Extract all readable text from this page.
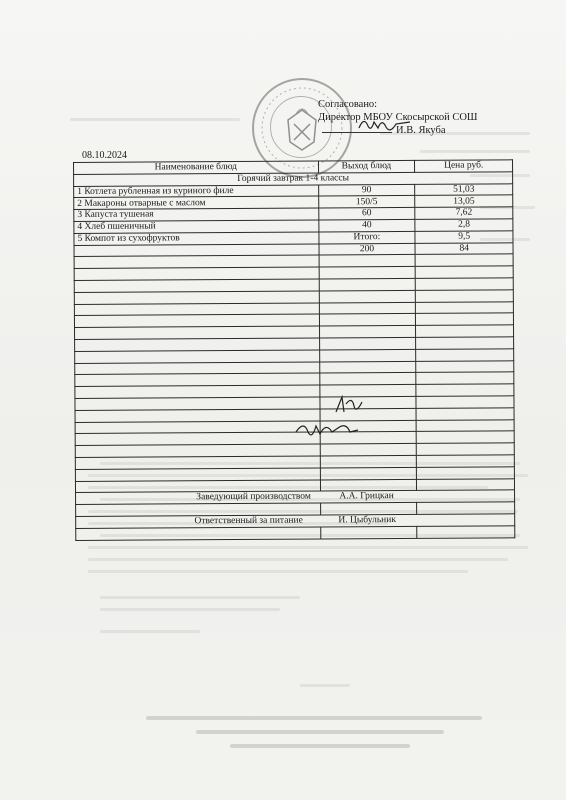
Согласовано:
Директор МБОУ Скосырской СОШ
И.В. Якуба
08.10.2024
Наименование блюд	Выход блюд	Цена руб.
Горячий завтрак 1-4 классы		
1 Котлета рубленная из куриного филе	90	51,03
2 Макароны отварные с маслом	150/5	13,05
3 Капуста тушеная	60	7,62
4 Хлеб пшеничный	40	2,8
5 Компот из сухофруктов	Итого:	9,5
	200	84

Заведующий производством А.А. Грицкан		

Ответственный за питание И. Цыбульник		
